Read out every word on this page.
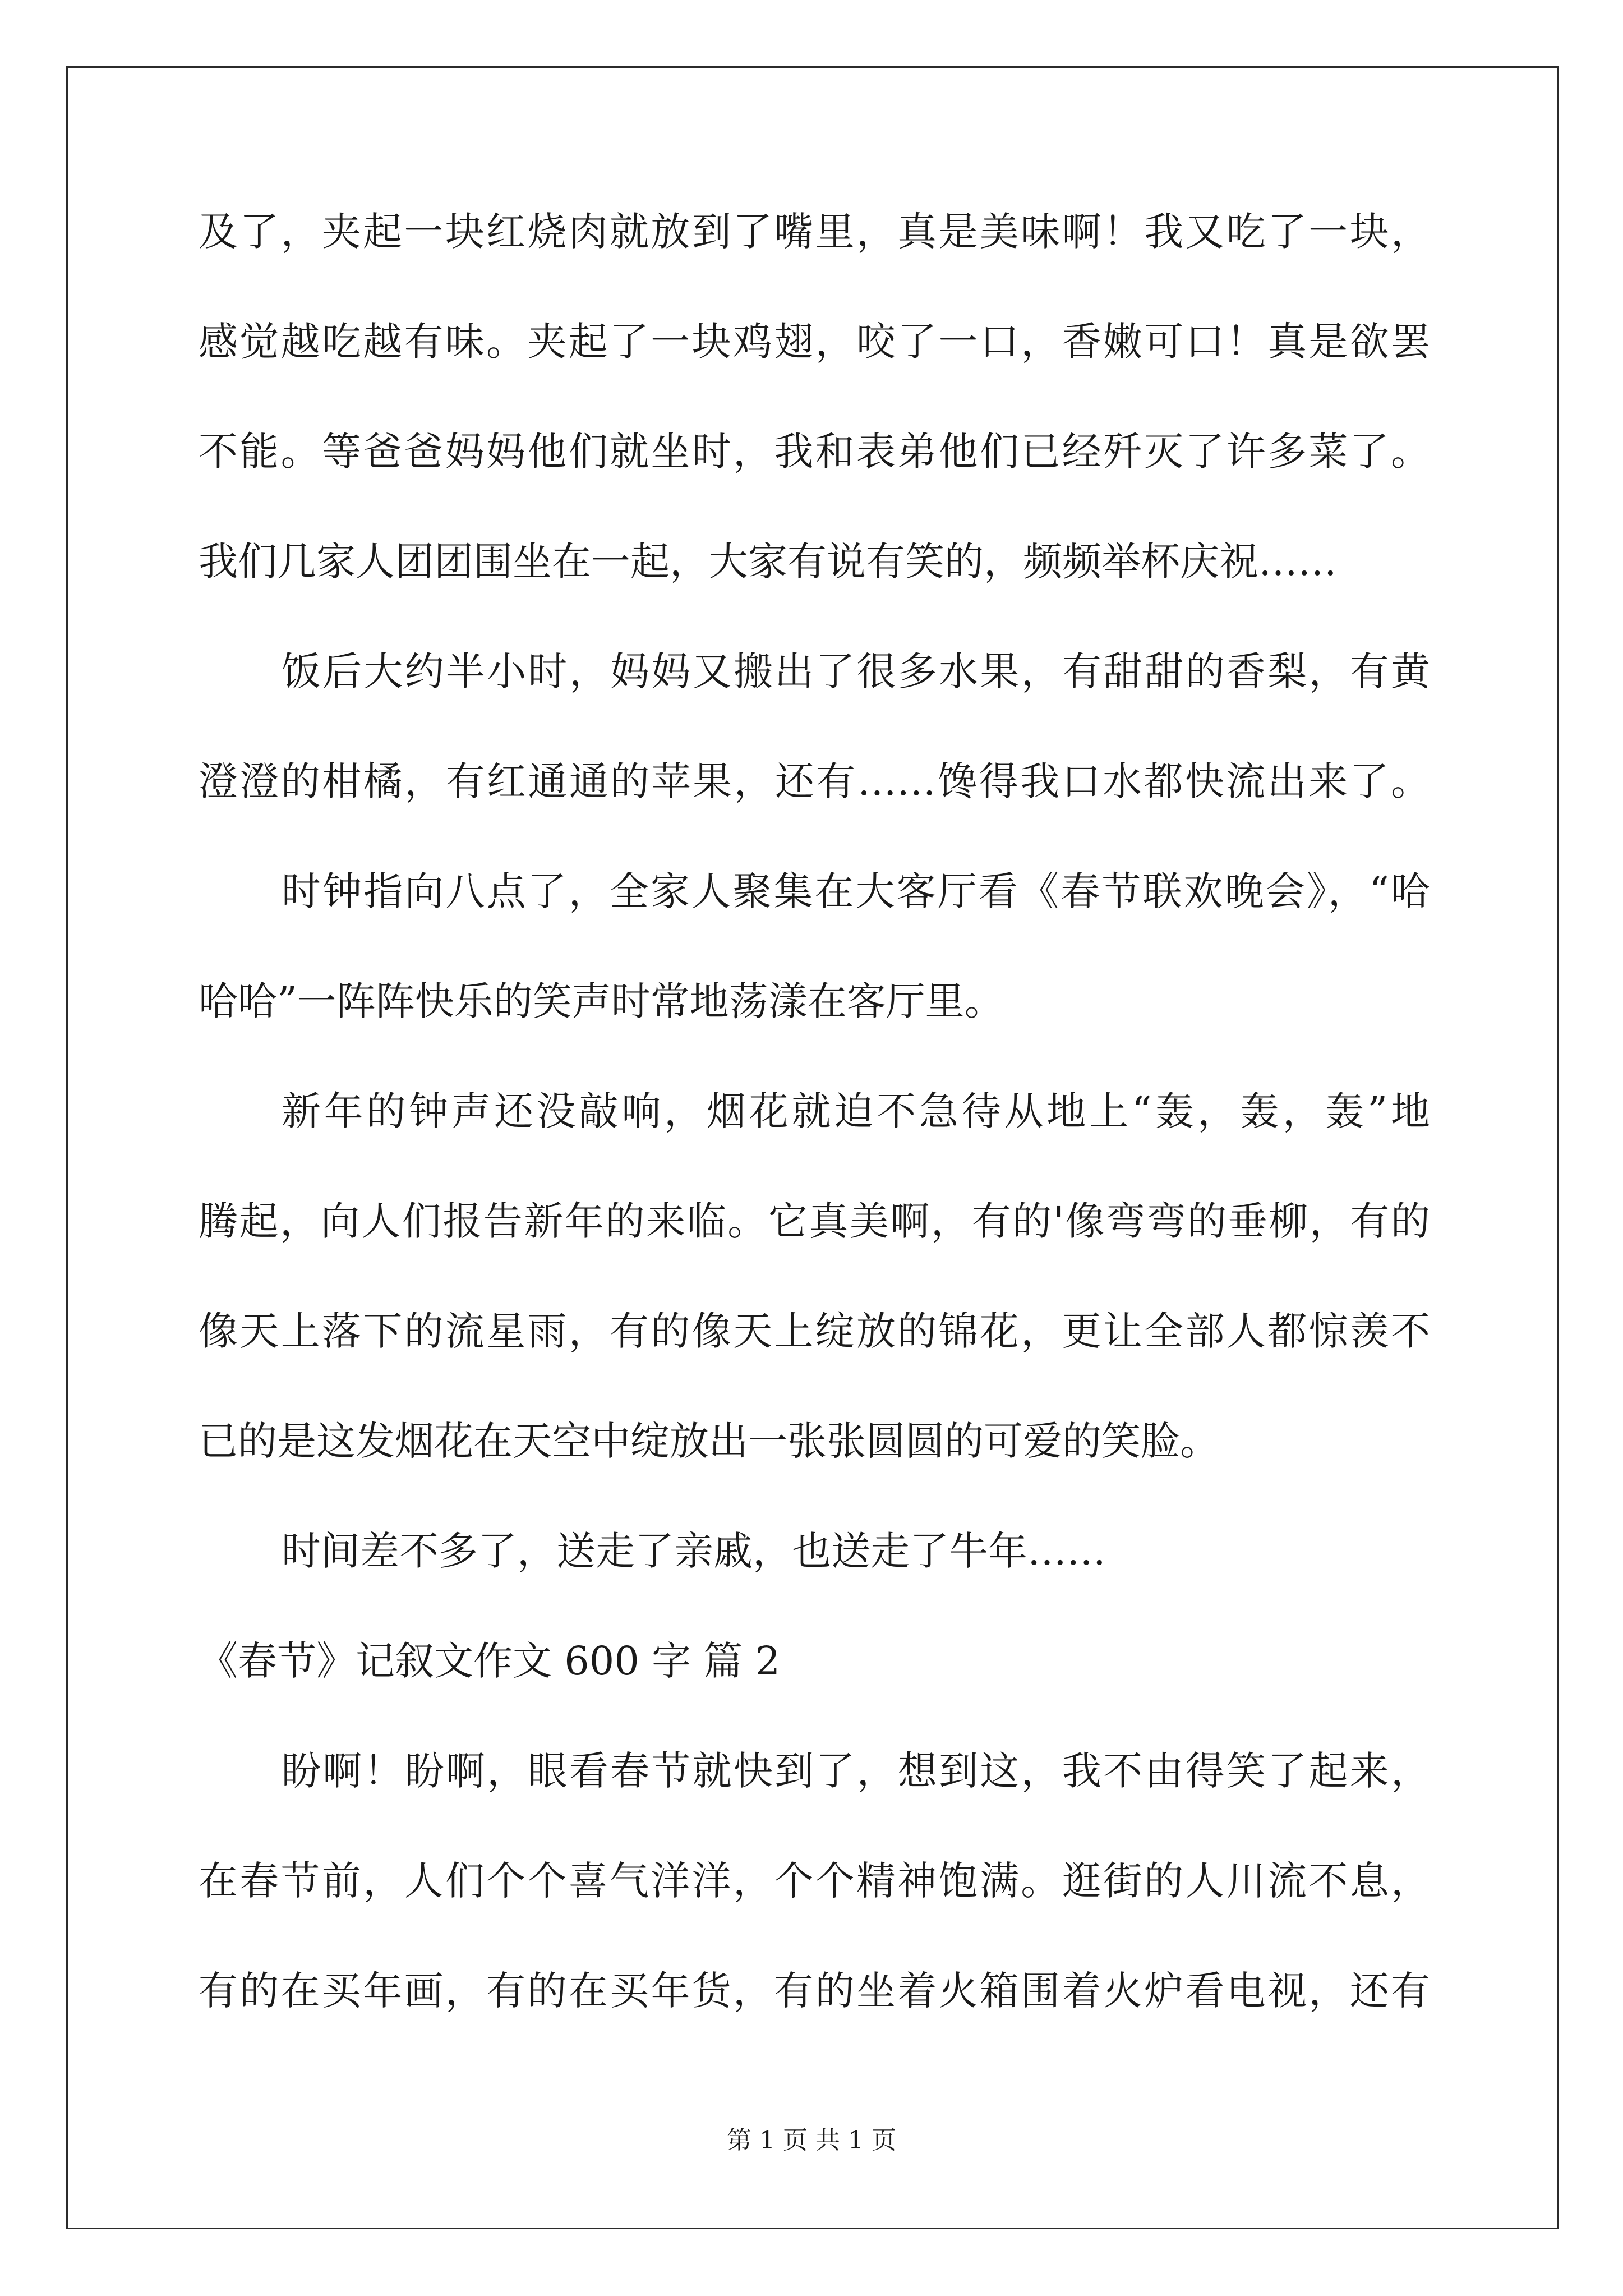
及了，夹起一块红烧肉就放到了嘴里，真是美味啊！我又吃了一块，
感觉越吃越有味。夹起了一块鸡翅，咬了一口，香嫩可口！真是欲罢
不能。等爸爸妈妈他们就坐时，我和表弟他们已经歼灭了许多菜了。
我们几家人团团围坐在一起，大家有说有笑的，频频举杯庆祝……
饭后大约半小时，妈妈又搬出了很多水果，有甜甜的香梨，有黄
澄澄的柑橘，有红通通的苹果，还有……馋得我口水都快流出来了。
时钟指向八点了，全家人聚集在大客厅看《春节联欢晚会》，“哈
哈哈”一阵阵快乐的笑声时常地荡漾在客厅里。
新年的钟声还没敲响，烟花就迫不急待从地上“轰，轰，轰”地
腾起，向人们报告新年的来临。它真美啊，有的'像弯弯的垂柳，有的
像天上落下的流星雨，有的像天上绽放的锦花，更让全部人都惊羡不
已的是这发烟花在天空中绽放出一张张圆圆的可爱的笑脸。
时间差不多了，送走了亲戚，也送走了牛年……
《春节》记叙文作文 600 字 篇 2
盼啊！盼啊，眼看春节就快到了，想到这，我不由得笑了起来，
在春节前，人们个个喜气洋洋，个个精神饱满。逛街的人川流不息，
有的在买年画，有的在买年货，有的坐着火箱围着火炉看电视，还有
第 1 页 共 1 页
